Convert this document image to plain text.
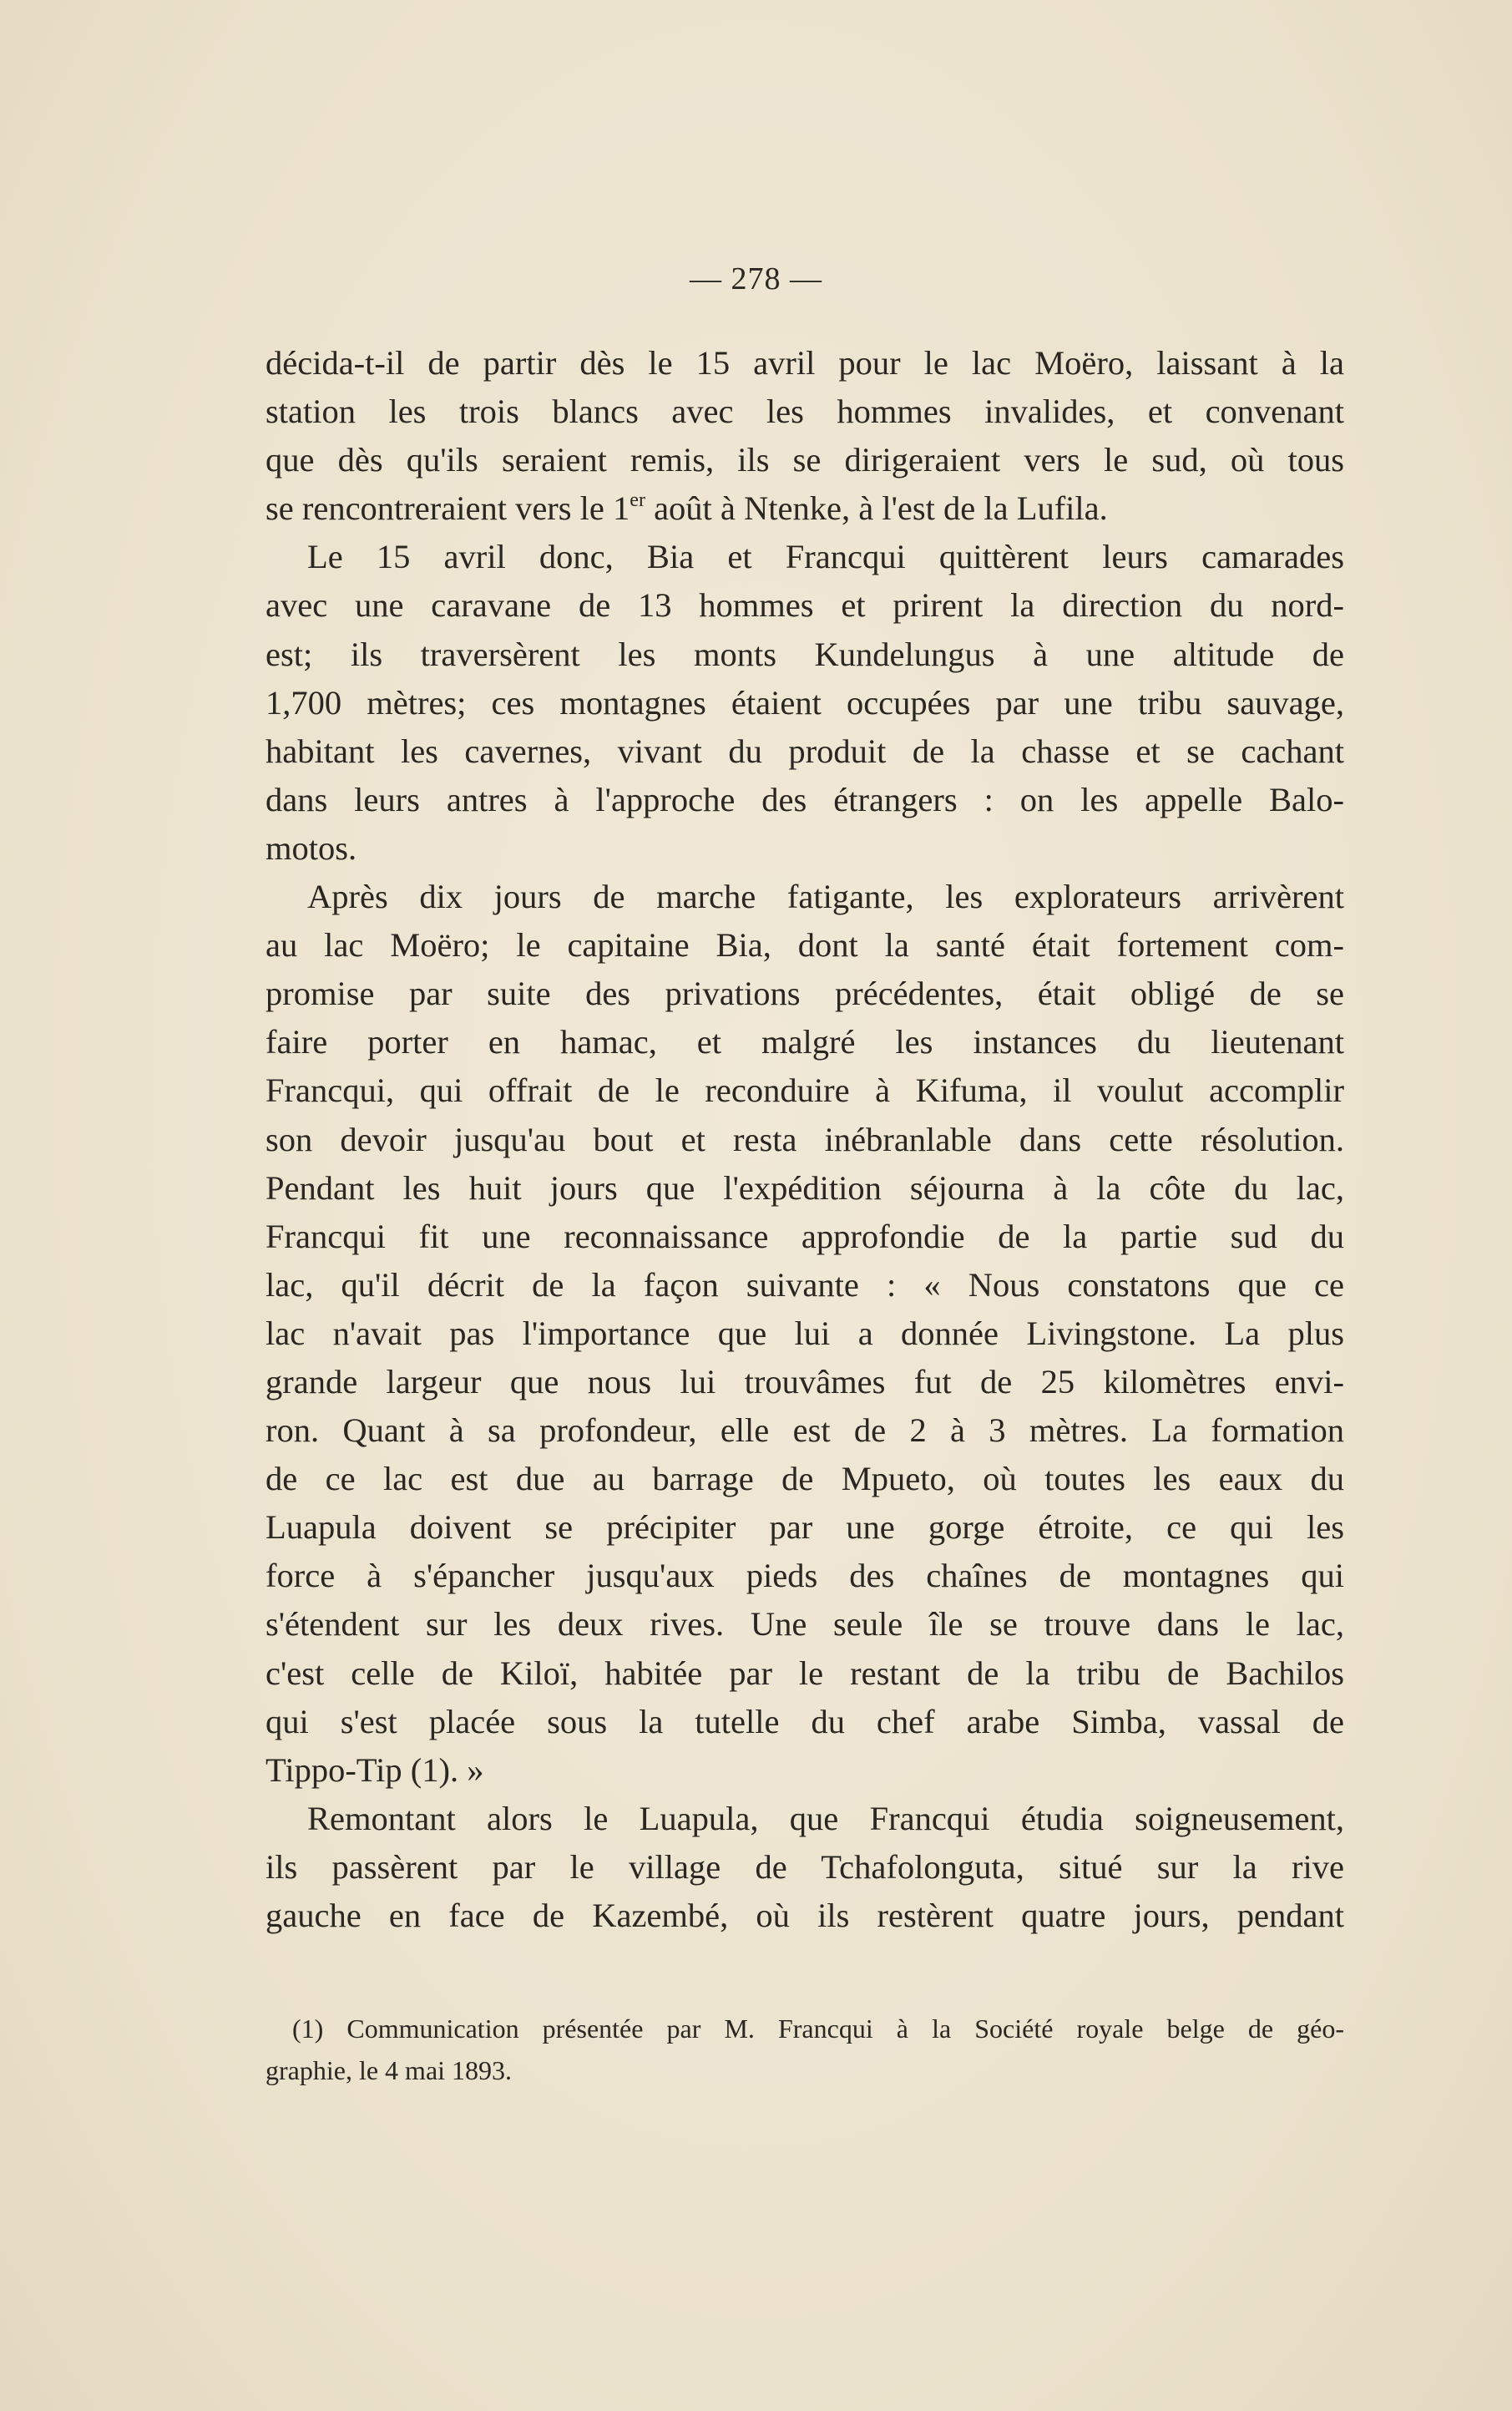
— 278 —
décida-t-il de partir dès le 15 avril pour le lac Moëro, laissant à la
station les trois blancs avec les hommes invalides, et convenant
que dès qu'ils seraient remis, ils se dirigeraient vers le sud, où tous
se rencontreraient vers le 1er août à Ntenke, à l'est de la Lufila.
Le 15 avril donc, Bia et Francqui quittèrent leurs camarades
avec une caravane de 13 hommes et prirent la direction du nord-
est; ils traversèrent les monts Kundelungus à une altitude de
1,700 mètres; ces montagnes étaient occupées par une tribu sauvage,
habitant les cavernes, vivant du produit de la chasse et se cachant
dans leurs antres à l'approche des étrangers : on les appelle Balo-
motos.
Après dix jours de marche fatigante, les explorateurs arrivèrent
au lac Moëro; le capitaine Bia, dont la santé était fortement com-
promise par suite des privations précédentes, était obligé de se
faire porter en hamac, et malgré les instances du lieutenant
Francqui, qui offrait de le reconduire à Kifuma, il voulut accomplir
son devoir jusqu'au bout et resta inébranlable dans cette résolution.
Pendant les huit jours que l'expédition séjourna à la côte du lac,
Francqui fit une reconnaissance approfondie de la partie sud du
lac, qu'il décrit de la façon suivante : « Nous constatons que ce
lac n'avait pas l'importance que lui a donnée Livingstone. La plus
grande largeur que nous lui trouvâmes fut de 25 kilomètres envi-
ron. Quant à sa profondeur, elle est de 2 à 3 mètres. La formation
de ce lac est due au barrage de Mpueto, où toutes les eaux du
Luapula doivent se précipiter par une gorge étroite, ce qui les
force à s'épancher jusqu'aux pieds des chaînes de montagnes qui
s'étendent sur les deux rives. Une seule île se trouve dans le lac,
c'est celle de Kiloï, habitée par le restant de la tribu de Bachilos
qui s'est placée sous la tutelle du chef arabe Simba, vassal de
Tippo-Tip (1). »
Remontant alors le Luapula, que Francqui étudia soigneusement,
ils passèrent par le village de Tchafolonguta, situé sur la rive
gauche en face de Kazembé, où ils restèrent quatre jours, pendant
(1) Communication présentée par M. Francqui à la Société royale belge de géo-
graphie, le 4 mai 1893.
